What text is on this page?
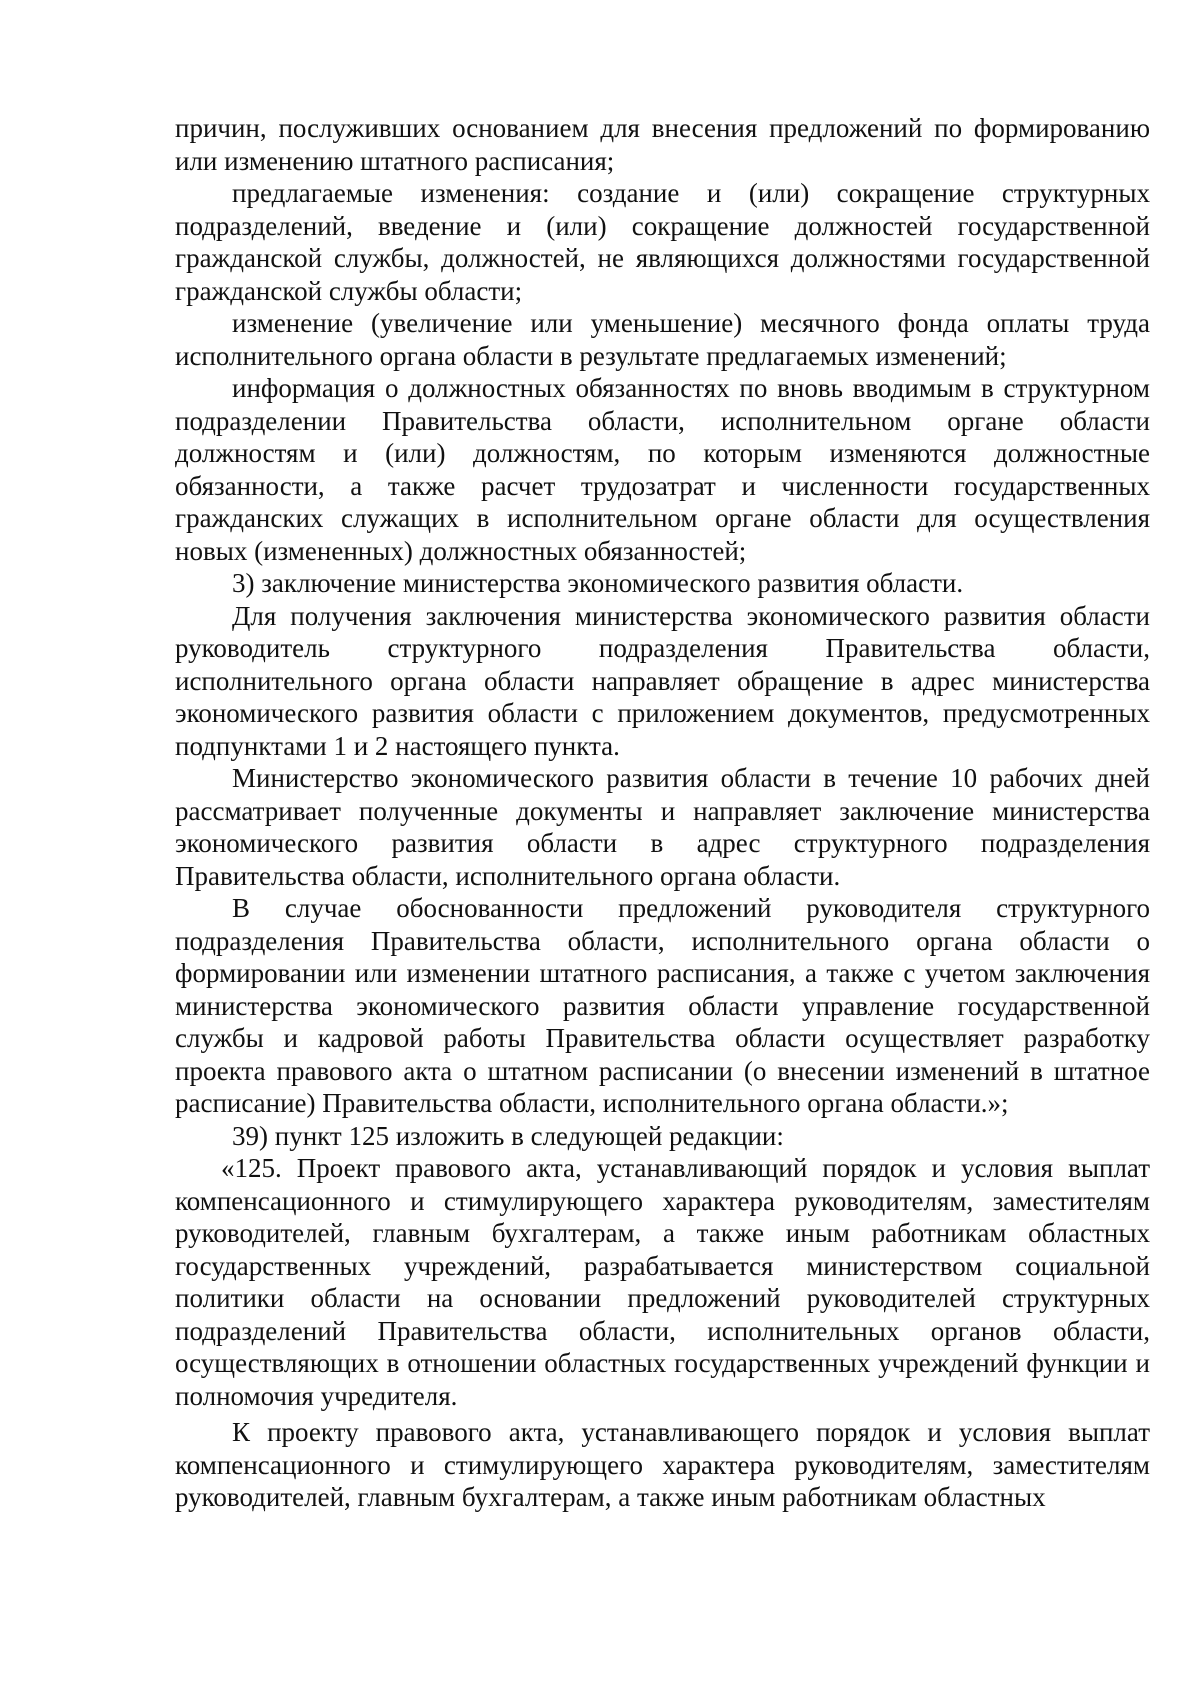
причин, послуживших основанием для внесения предложений по формированию или изменению штатного расписания;

предлагаемые изменения: создание и (или) сокращение структурных подразделений, введение и (или) сокращение должностей государственной гражданской службы, должностей, не являющихся должностями государственной гражданской службы области;

изменение (увеличение или уменьшение) месячного фонда оплаты труда исполнительного органа области в результате предлагаемых изменений;

информация о должностных обязанностях по вновь вводимым в структурном подразделении Правительства области, исполнительном органе области должностям и (или) должностям, по которым изменяются должностные обязанности, а также расчет трудозатрат и численности государственных гражданских служащих в исполнительном органе области для осуществления новых (измененных) должностных обязанностей;

3) заключение министерства экономического развития области.

Для получения заключения министерства экономического развития области руководитель структурного подразделения Правительства области, исполнительного органа области направляет обращение в адрес министерства экономического развития области с приложением документов, предусмотренных подпунктами 1 и 2 настоящего пункта.

Министерство экономического развития области в течение 10 рабочих дней рассматривает полученные документы и направляет заключение министерства экономического развития области в адрес структурного подразделения Правительства области, исполнительного органа области.

В случае обоснованности предложений руководителя структурного подразделения Правительства области, исполнительного органа области о формировании или изменении штатного расписания, а также с учетом заключения министерства экономического развития области управление государственной службы и кадровой работы Правительства области осуществляет разработку проекта правового акта о штатном расписании (о внесении изменений в штатное расписание) Правительства области, исполнительного органа области.»;

39) пункт 125 изложить в следующей редакции:

«125. Проект правового акта, устанавливающий порядок и условия выплат компенсационного и стимулирующего характера руководителям, заместителям руководителей, главным бухгалтерам, а также иным работникам областных государственных учреждений, разрабатывается министерством социальной политики области на основании предложений руководителей структурных подразделений Правительства области, исполнительных органов области, осуществляющих в отношении областных государственных учреждений функции и полномочия учредителя.

К проекту правового акта, устанавливающего порядок и условия выплат компенсационного и стимулирующего характера руководителям, заместителям руководителей, главным бухгалтерам, а также иным работникам областных
